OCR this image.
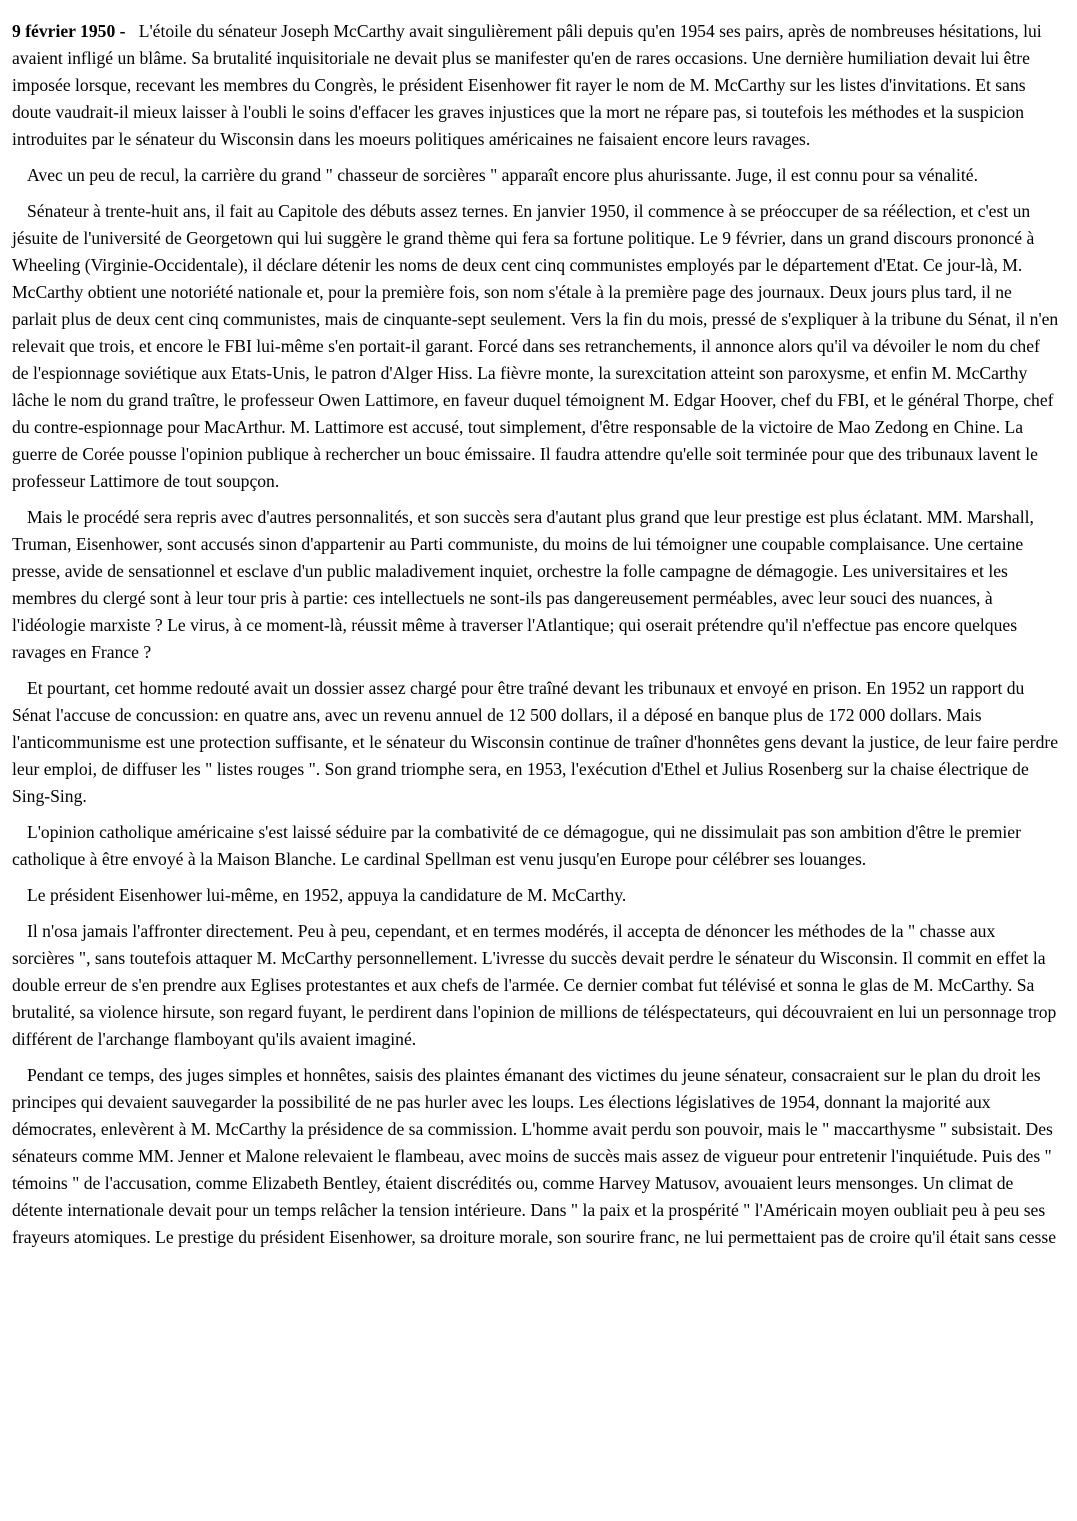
9 février 1950 - L'étoile du sénateur Joseph McCarthy avait singulièrement pâli depuis qu'en 1954 ses pairs, après de nombreuses hésitations, lui avaient infligé un blâme. Sa brutalité inquisitoriale ne devait plus se manifester qu'en de rares occasions. Une dernière humiliation devait lui être imposée lorsque, recevant les membres du Congrès, le président Eisenhower fit rayer le nom de M. McCarthy sur les listes d'invitations. Et sans doute vaudrait-il mieux laisser à l'oubli le soins d'effacer les graves injustices que la mort ne répare pas, si toutefois les méthodes et la suspicion introduites par le sénateur du Wisconsin dans les moeurs politiques américaines ne faisaient encore leurs ravages.

Avec un peu de recul, la carrière du grand " chasseur de sorcières " apparaît encore plus ahurissante. Juge, il est connu pour sa vénalité.

Sénateur à trente-huit ans, il fait au Capitole des débuts assez ternes. En janvier 1950, il commence à se préoccuper de sa réélection, et c'est un jésuite de l'université de Georgetown qui lui suggère le grand thème qui fera sa fortune politique. Le 9 février, dans un grand discours prononcé à Wheeling (Virginie-Occidentale), il déclare détenir les noms de deux cent cinq communistes employés par le département d'Etat. Ce jour-là, M. McCarthy obtient une notoriété nationale et, pour la première fois, son nom s'étale à la première page des journaux. Deux jours plus tard, il ne parlait plus de deux cent cinq communistes, mais de cinquante-sept seulement. Vers la fin du mois, pressé de s'expliquer à la tribune du Sénat, il n'en relevait que trois, et encore le FBI lui-même s'en portait-il garant. Forcé dans ses retranchements, il annonce alors qu'il va dévoiler le nom du chef de l'espionnage soviétique aux Etats-Unis, le patron d'Alger Hiss. La fièvre monte, la surexcitation atteint son paroxysme, et enfin M. McCarthy lâche le nom du grand traître, le professeur Owen Lattimore, en faveur duquel témoignent M. Edgar Hoover, chef du FBI, et le général Thorpe, chef du contre-espionnage pour MacArthur. M. Lattimore est accusé, tout simplement, d'être responsable de la victoire de Mao Zedong en Chine. La guerre de Corée pousse l'opinion publique à rechercher un bouc émissaire. Il faudra attendre qu'elle soit terminée pour que des tribunaux lavent le professeur Lattimore de tout soupçon.

Mais le procédé sera repris avec d'autres personnalités, et son succès sera d'autant plus grand que leur prestige est plus éclatant. MM. Marshall, Truman, Eisenhower, sont accusés sinon d'appartenir au Parti communiste, du moins de lui témoigner une coupable complaisance. Une certaine presse, avide de sensationnel et esclave d'un public maladivement inquiet, orchestre la folle campagne de démagogie. Les universitaires et les membres du clergé sont à leur tour pris à partie: ces intellectuels ne sont-ils pas dangereusement perméables, avec leur souci des nuances, à l'idéologie marxiste ? Le virus, à ce moment-là, réussit même à traverser l'Atlantique; qui oserait prétendre qu'il n'effectue pas encore quelques ravages en France ?

Et pourtant, cet homme redouté avait un dossier assez chargé pour être traîné devant les tribunaux et envoyé en prison. En 1952 un rapport du Sénat l'accuse de concussion: en quatre ans, avec un revenu annuel de 12 500 dollars, il a déposé en banque plus de 172 000 dollars. Mais l'anticommunisme est une protection suffisante, et le sénateur du Wisconsin continue de traîner d'honnêtes gens devant la justice, de leur faire perdre leur emploi, de diffuser les " listes rouges ". Son grand triomphe sera, en 1953, l'exécution d'Ethel et Julius Rosenberg sur la chaise électrique de Sing-Sing.

L'opinion catholique américaine s'est laissé séduire par la combativité de ce démagogue, qui ne dissimulait pas son ambition d'être le premier catholique à être envoyé à la Maison Blanche. Le cardinal Spellman est venu jusqu'en Europe pour célébrer ses louanges.

Le président Eisenhower lui-même, en 1952, appuya la candidature de M. McCarthy.

Il n'osa jamais l'affronter directement. Peu à peu, cependant, et en termes modérés, il accepta de dénoncer les méthodes de la " chasse aux sorcières ", sans toutefois attaquer M. McCarthy personnellement. L'ivresse du succès devait perdre le sénateur du Wisconsin. Il commit en effet la double erreur de s'en prendre aux Eglises protestantes et aux chefs de l'armée. Ce dernier combat fut télévisé et sonna le glas de M. McCarthy. Sa brutalité, sa violence hirsute, son regard fuyant, le perdirent dans l'opinion de millions de téléspectateurs, qui découvraient en lui un personnage trop différent de l'archange flamboyant qu'ils avaient imaginé.

Pendant ce temps, des juges simples et honnêtes, saisis des plaintes émanant des victimes du jeune sénateur, consacraient sur le plan du droit les principes qui devaient sauvegarder la possibilité de ne pas hurler avec les loups. Les élections législatives de 1954, donnant la majorité aux démocrates, enlevèrent à M. McCarthy la présidence de sa commission. L'homme avait perdu son pouvoir, mais le " maccarthysme " subsistait. Des sénateurs comme MM. Jenner et Malone relevaient le flambeau, avec moins de succès mais assez de vigueur pour entretenir l'inquiétude. Puis des " témoins " de l'accusation, comme Elizabeth Bentley, étaient discrédités ou, comme Harvey Matusov, avouaient leurs mensonges. Un climat de détente internationale devait pour un temps relâcher la tension intérieure. Dans " la paix et la prospérité " l'Américain moyen oubliait peu à peu ses frayeurs atomiques. Le prestige du président Eisenhower, sa droiture morale, son sourire franc, ne lui permettaient pas de croire qu'il était sans cesse
